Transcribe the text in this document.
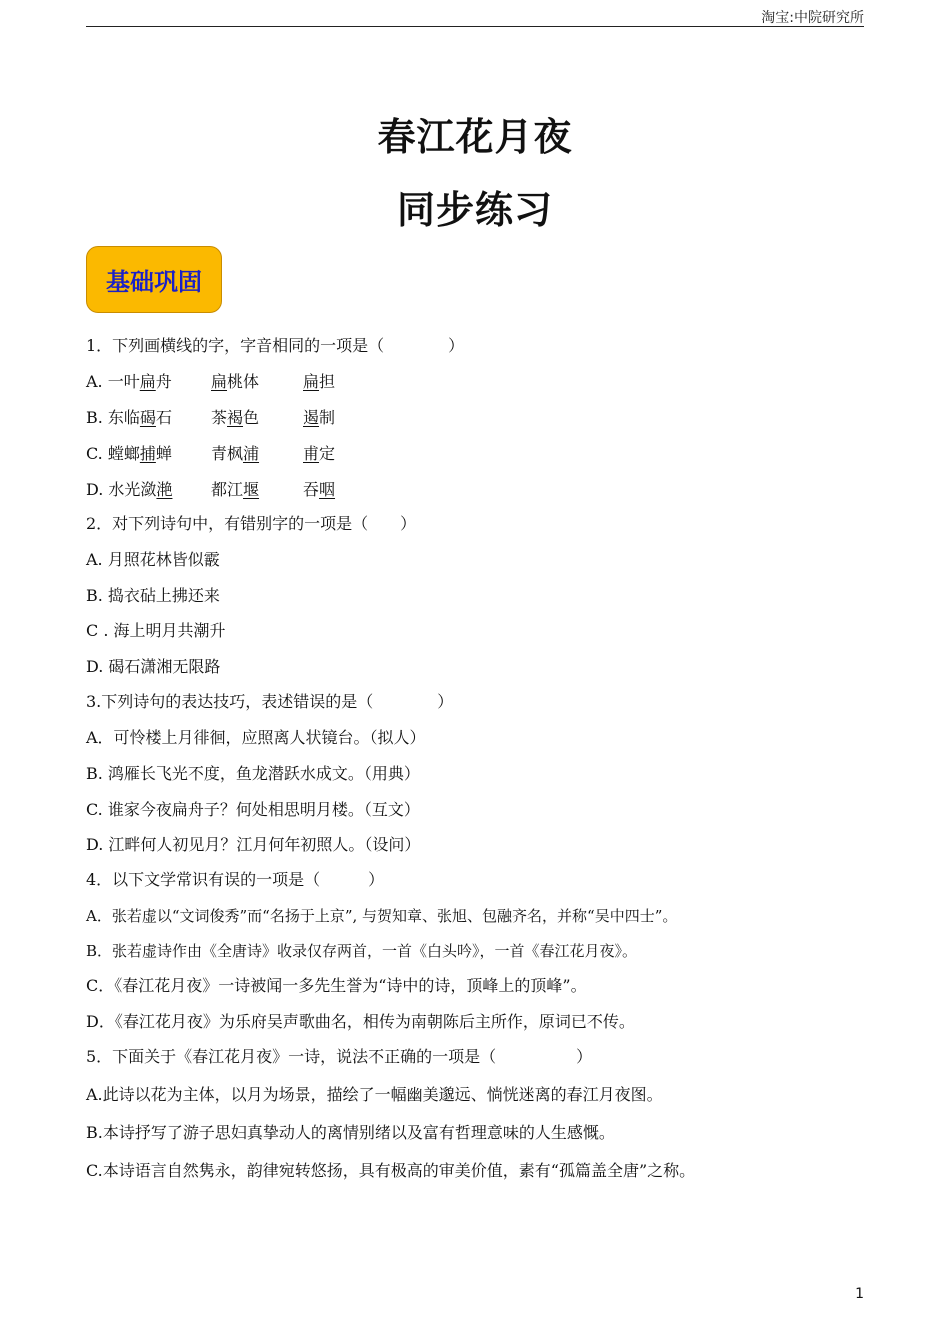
淘宝:中院研究所
春江花月夜
同步练习
基础巩固
1．下列画横线的字，字音相同的一项是（　　　　）
A. 一叶扁舟 扁桃体	扁担
B. 东临碣石 茶褐色	遏制
C. 螳螂捕蝉 青枫浦	甫定
D. 水光潋滟 都江堰	吞咽
2．对下列诗句中，有错别字的一项是（　　）
A. 月照花林皆似霰
B. 捣衣砧上拂还来
C . 海上明月共潮升
D. 碣石潇湘无限路
3.下列诗句的表达技巧，表述错误的是（　　　　）
A．可怜楼上月徘徊，应照离人状镜台。（拟人）
B. 鸿雁长飞光不度，鱼龙潜跃水成文。（用典）
C. 谁家今夜扁舟子？何处相思明月楼。（互文）
D. 江畔何人初见月？江月何年初照人。（设问）
4．以下文学常识有误的一项是（　　　）
A．张若虚以“文词俊秀”而“名扬于上京”, 与贺知章、张旭、包融齐名，并称“吴中四士”。
B．张若虚诗作由《全唐诗》收录仅存两首，一首《白头吟》，一首《春江花月夜》。
C．《春江花月夜》一诗被闻一多先生誉为“诗中的诗，顶峰上的顶峰”。
D．《春江花月夜》为乐府吴声歌曲名，相传为南朝陈后主所作，原词已不传。
5．下面关于《春江花月夜》一诗，说法不正确的一项是（　　　　　）
A.此诗以花为主体，以月为场景，描绘了一幅幽美邈远、惝恍迷离的春江月夜图。
B.本诗抒写了游子思妇真挚动人的离情别绪以及富有哲理意味的人生感慨。
C.本诗语言自然隽永，韵律宛转悠扬，具有极高的审美价值，素有“孤篇盖全唐”之称。
1
